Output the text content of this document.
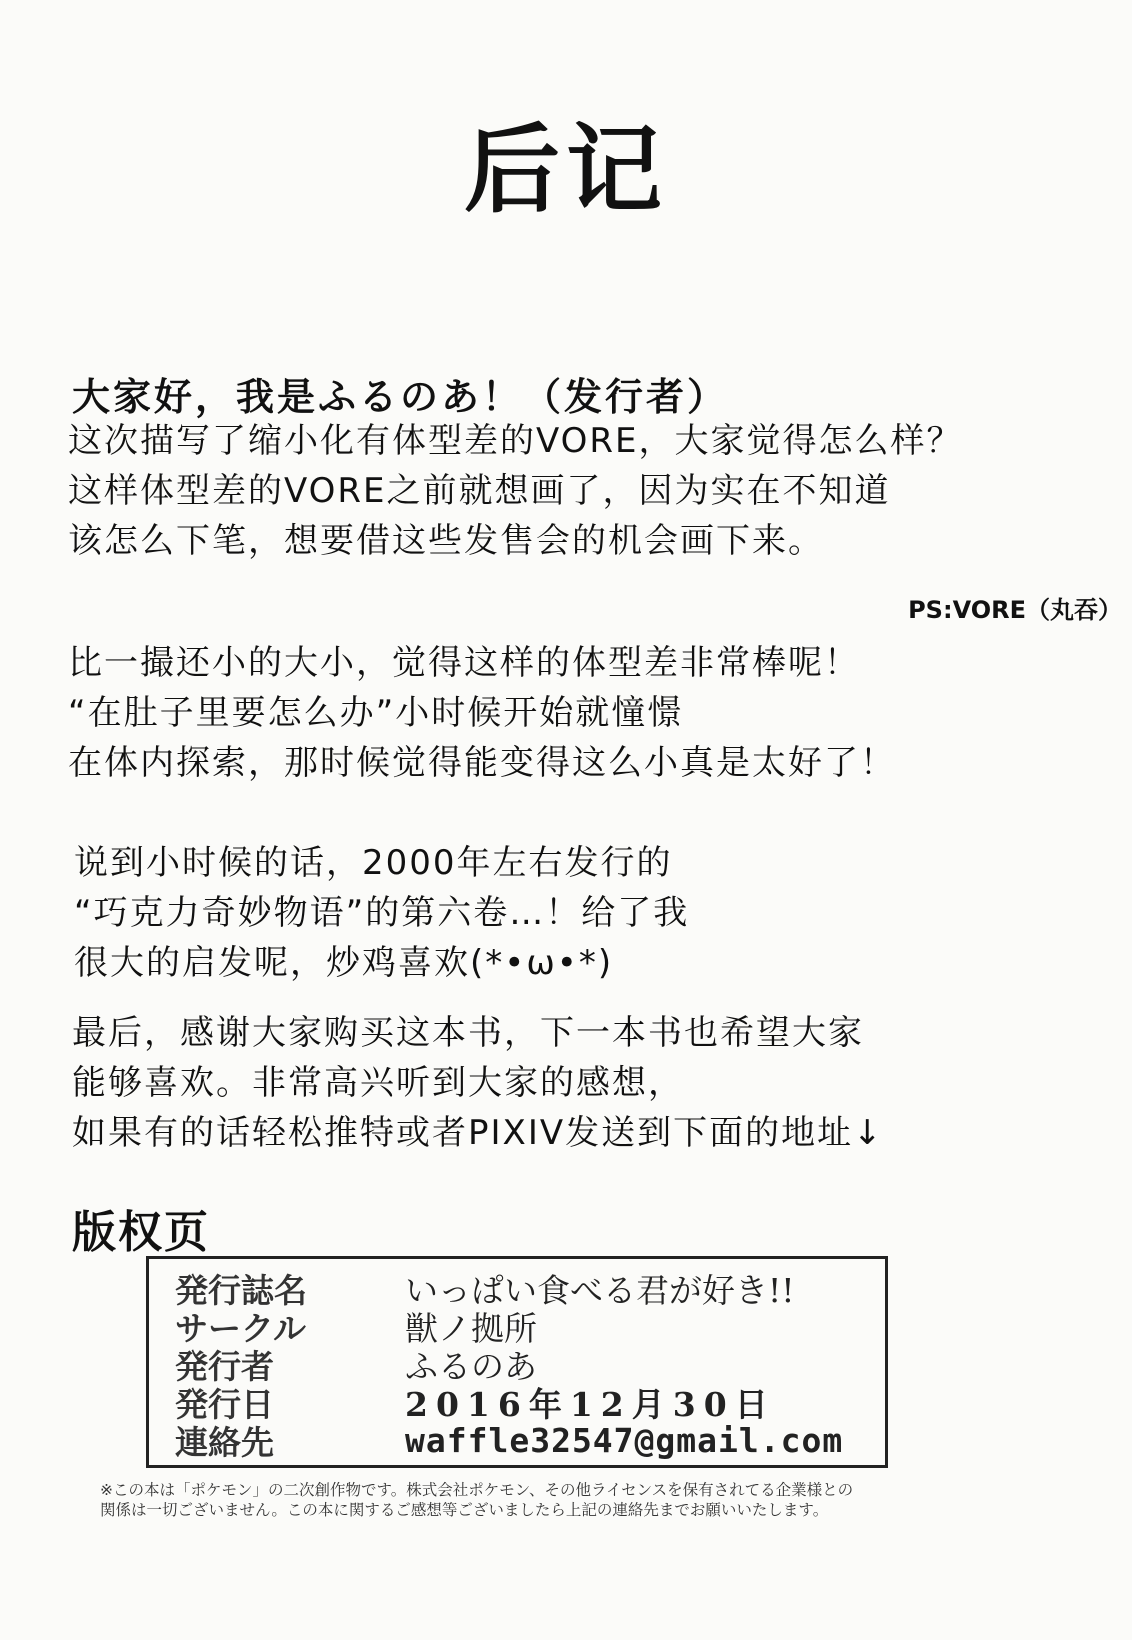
后记
大家好，我是ふるのあ！（发行者）
这次描写了缩小化有体型差的VORE，大家觉得怎么样？
这样体型差的VORE之前就想画了，因为实在不知道
该怎么下笔，想要借这些发售会的机会画下来。
PS:VORE（丸吞）
比一撮还小的大小，觉得这样的体型差非常棒呢！
“在肚子里要怎么办”小时候开始就憧憬
在体内探索，那时候觉得能变得这么小真是太好了！
说到小时候的话，2000年左右发行的
“巧克力奇妙物语”的第六卷…！给了我
很大的启发呢，炒鸡喜欢(*•ω•*)
最后，感谢大家购买这本书，下一本书也希望大家
能够喜欢。非常高兴听到大家的感想，
如果有的话轻松推特或者PIXIV发送到下面的地址↓
版权页
発行誌名	いっぱい食べる君が好き!!
サークル	獣ノ拠所
発行者	ふるのあ
発行日	2016年12月30日
連絡先	waffle32547@gmail.com
※この本は「ポケモン」の二次創作物です。株式会社ポケモン、その他ライセンスを保有されてる企業様との
関係は一切ございません。この本に関するご感想等ございましたら上記の連絡先までお願いいたします。
